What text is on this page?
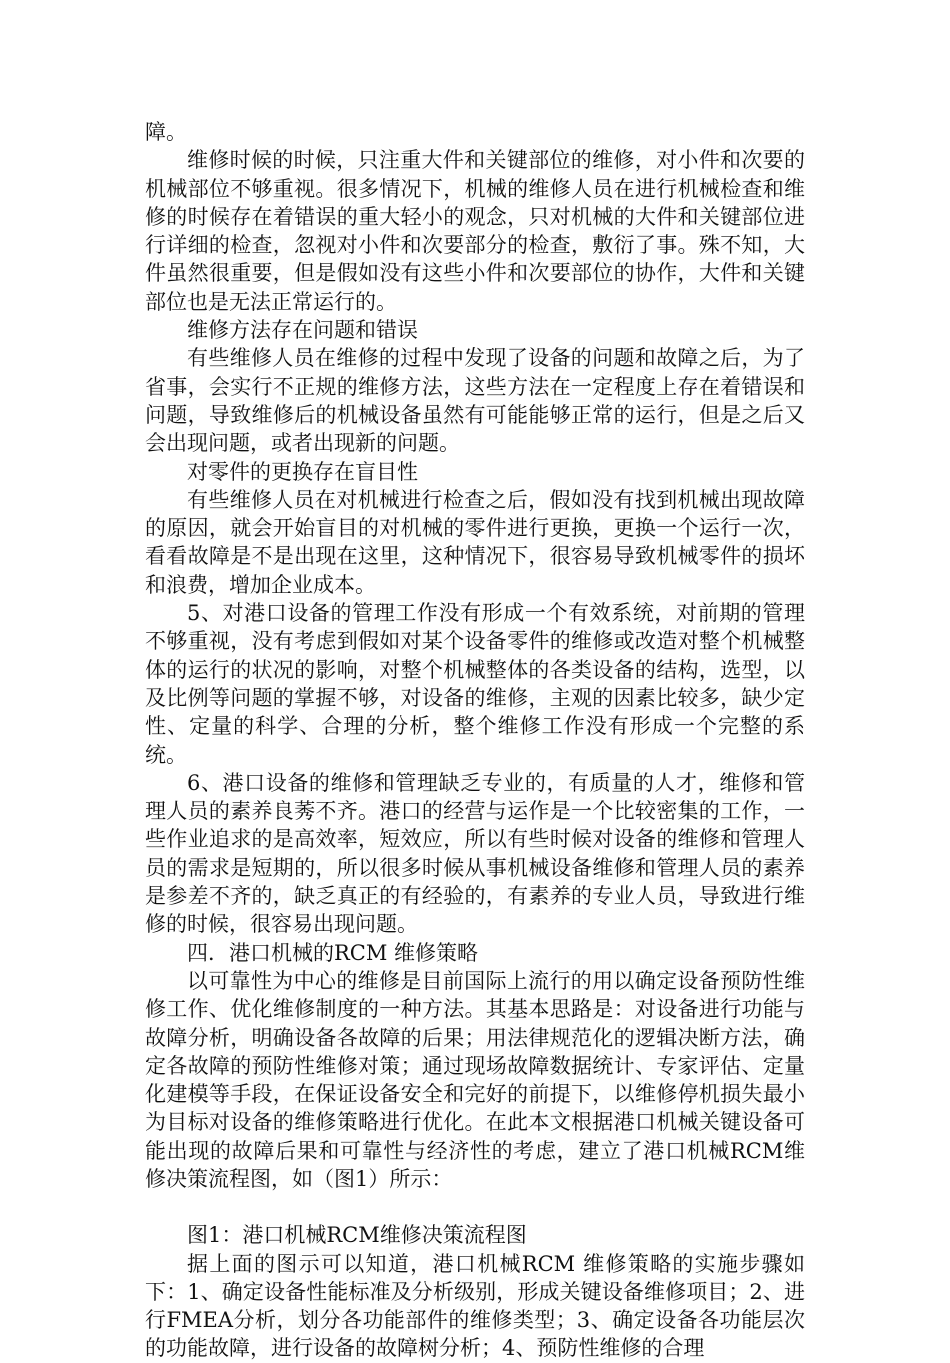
障。

维修时候的时候，只注重大件和关键部位的维修，对小件和次要的机械部位不够重视。很多情况下，机械的维修人员在进行机械检查和维修的时候存在着错误的重大轻小的观念，只对机械的大件和关键部位进行详细的检查，忽视对小件和次要部分的检查，敷衍了事。殊不知，大件虽然很重要，但是假如没有这些小件和次要部位的协作，大件和关键部位也是无法正常运行的。

维修方法存在问题和错误

有些维修人员在维修的过程中发现了设备的问题和故障之后，为了省事，会实行不正规的维修方法，这些方法在一定程度上存在着错误和问题，导致维修后的机械设备虽然有可能能够正常的运行，但是之后又会出现问题，或者出现新的问题。

对零件的更换存在盲目性

有些维修人员在对机械进行检查之后，假如没有找到机械出现故障的原因，就会开始盲目的对机械的零件进行更换，更换一个运行一次，看看故障是不是出现在这里，这种情况下，很容易导致机械零件的损坏和浪费，增加企业成本。

5、对港口设备的管理工作没有形成一个有效系统，对前期的管理不够重视，没有考虑到假如对某个设备零件的维修或改造对整个机械整体的运行的状况的影响，对整个机械整体的各类设备的结构，选型，以及比例等问题的掌握不够，对设备的维修，主观的因素比较多，缺少定性、定量的科学、合理的分析，整个维修工作没有形成一个完整的系统。

6、港口设备的维修和管理缺乏专业的，有质量的人才，维修和管理人员的素养良莠不齐。港口的经营与运作是一个比较密集的工作，一些作业追求的是高效率，短效应，所以有些时候对设备的维修和管理人员的需求是短期的，所以很多时候从事机械设备维修和管理人员的素养是参差不齐的，缺乏真正的有经验的，有素养的专业人员，导致进行维修的时候，很容易出现问题。

四．港口机械的RCM 维修策略

以可靠性为中心的维修是目前国际上流行的用以确定设备预防性维修工作、优化维修制度的一种方法。其基本思路是：对设备进行功能与故障分析，明确设备各故障的后果；用法律规范化的逻辑决断方法，确定各故障的预防性维修对策；通过现场故障数据统计、专家评估、定量化建模等手段，在保证设备安全和完好的前提下，以维修停机损失最小为目标对设备的维修策略进行优化。在此本文根据港口机械关键设备可能出现的故障后果和可靠性与经济性的考虑，建立了港口机械RCM维修决策流程图，如（图1）所示：

图1：港口机械RCM维修决策流程图

据上面的图示可以知道，港口机械RCM 维修策略的实施步骤如下：1、确定设备性能标准及分析级别，形成关键设备维修项目；2、进行FMEA分析，划分各功能部件的维修类型；3、确定设备各功能层次的功能故障，进行设备的故障树分析；4、预防性维修的合理
